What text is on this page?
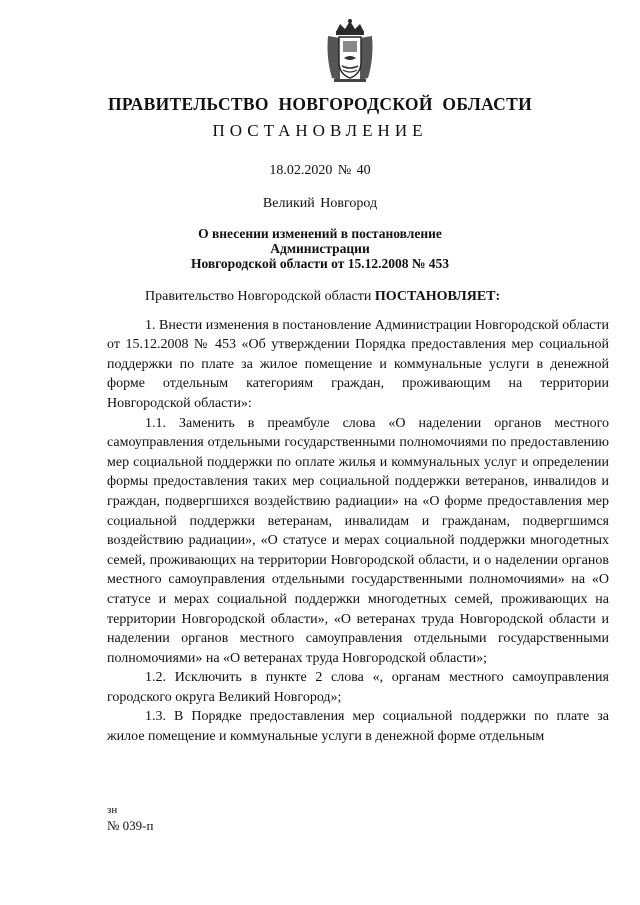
ПРАВИТЕЛЬСТВО НОВГОРОДСКОЙ ОБЛАСТИ
ПОСТАНОВЛЕНИЕ
18.02.2020 № 40
Великий Новгород
О внесении изменений в постановление Администрации
Новгородской области от 15.12.2008 № 453

Правительство Новгородской области ПОСТАНОВЛЯЕТ:

1. Внести изменения в постановление Администрации Новгородской области от 15.12.2008 № 453 «Об утверждении Порядка предоставления мер социальной поддержки по плате за жилое помещение и коммунальные услуги в денежной форме отдельным категориям граждан, проживающим на территории Новгородской области»:

1.1. Заменить в преамбуле слова «О наделении органов местного самоуправления отдельными государственными полномочиями по предоставлению мер социальной поддержки по оплате жилья и коммунальных услуг и определении формы предоставления таких мер социальной поддержки ветеранов, инвалидов и граждан, подвергшихся воздействию радиации» на «О форме предоставления мер социальной поддержки ветеранам, инвалидам и гражданам, подвергшимся воздействию радиации», «О статусе и мерах социальной поддержки многодетных семей, проживающих на территории Новгородской области, и о наделении органов местного самоуправления отдельными государственными полномочиями» на «О статусе и мерах социальной поддержки многодетных семей, проживающих на территории Новгородской области», «О ветеранах труда Новгородской области и наделении органов местного самоуправления отдельными государственными полномочиями» на «О ветеранах труда Новгородской области»;

1.2. Исключить в пункте 2 слова «, органам местного самоуправления городского округа Великий Новгород»;

1.3. В Порядке предоставления мер социальной поддержки по плате за жилое помещение и коммунальные услуги в денежной форме отдельным

зн
№ 039-п
